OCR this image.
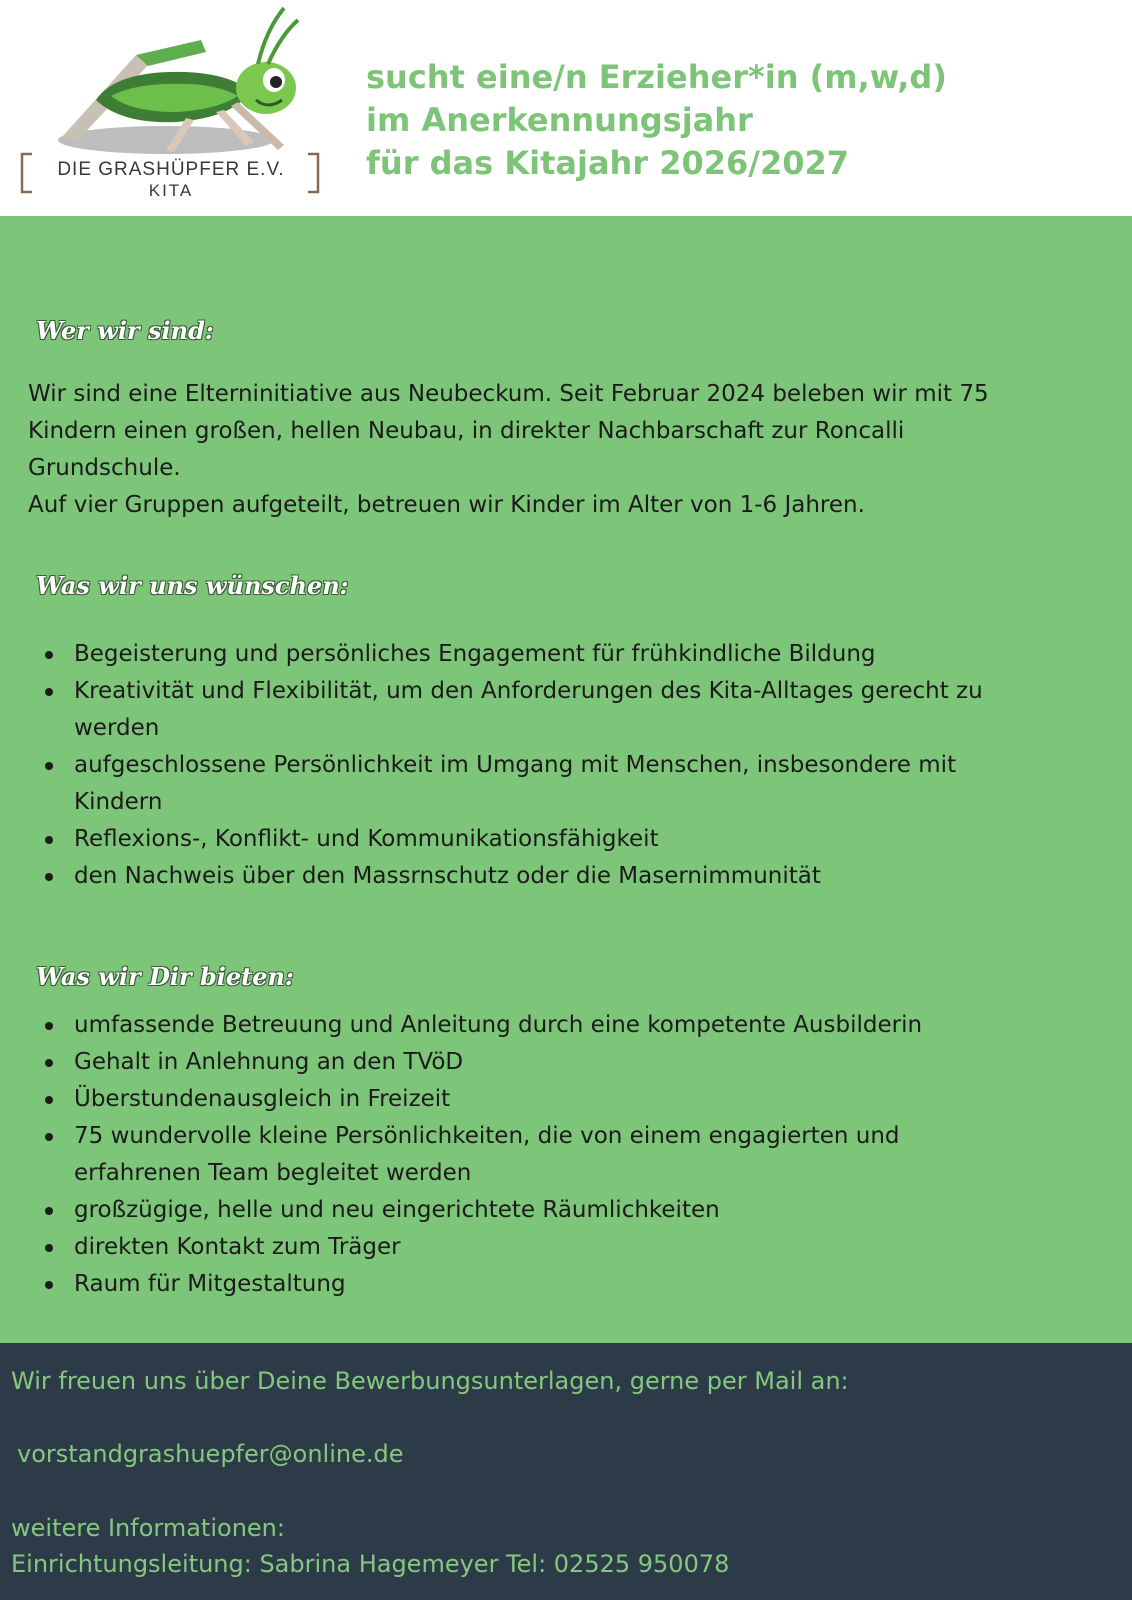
DIE GRASHÜPFER E.V.
KITA
sucht eine/n Erzieher*in (m,w,d)
im Anerkennungsjahr
für das Kitajahr 2026/2027
Wer wir sind:
Wir sind eine Elterninitiative aus Neubeckum. Seit Februar 2024 beleben wir mit 75
Kindern einen großen, hellen Neubau, in direkter Nachbarschaft zur Roncalli
Grundschule.
Auf vier Gruppen aufgeteilt, betreuen wir Kinder im Alter von 1-6 Jahren.
Was wir uns wünschen:
Begeisterung und persönliches Engagement für frühkindliche Bildung
Kreativität und Flexibilität, um den Anforderungen des Kita-Alltages gerecht zu
werden
aufgeschlossene Persönlichkeit im Umgang mit Menschen, insbesondere mit
Kindern
Reflexions-, Konflikt- und Kommunikationsfähigkeit
den Nachweis über den Massrnschutz oder die Masernimmunität
Was wir Dir bieten:
umfassende Betreuung und Anleitung durch eine kompetente Ausbilderin
Gehalt in Anlehnung an den TVöD
Überstundenausgleich in Freizeit
75 wundervolle kleine Persönlichkeiten, die von einem engagierten und
erfahrenen Team begleitet werden
großzügige, helle und neu eingerichtete Räumlichkeiten
direkten Kontakt zum Träger
Raum für Mitgestaltung
Wir freuen uns über Deine Bewerbungsunterlagen, gerne per Mail an:
vorstandgrashuepfer@online.de
weitere Informationen:
Einrichtungsleitung: Sabrina Hagemeyer Tel: 02525 950078
